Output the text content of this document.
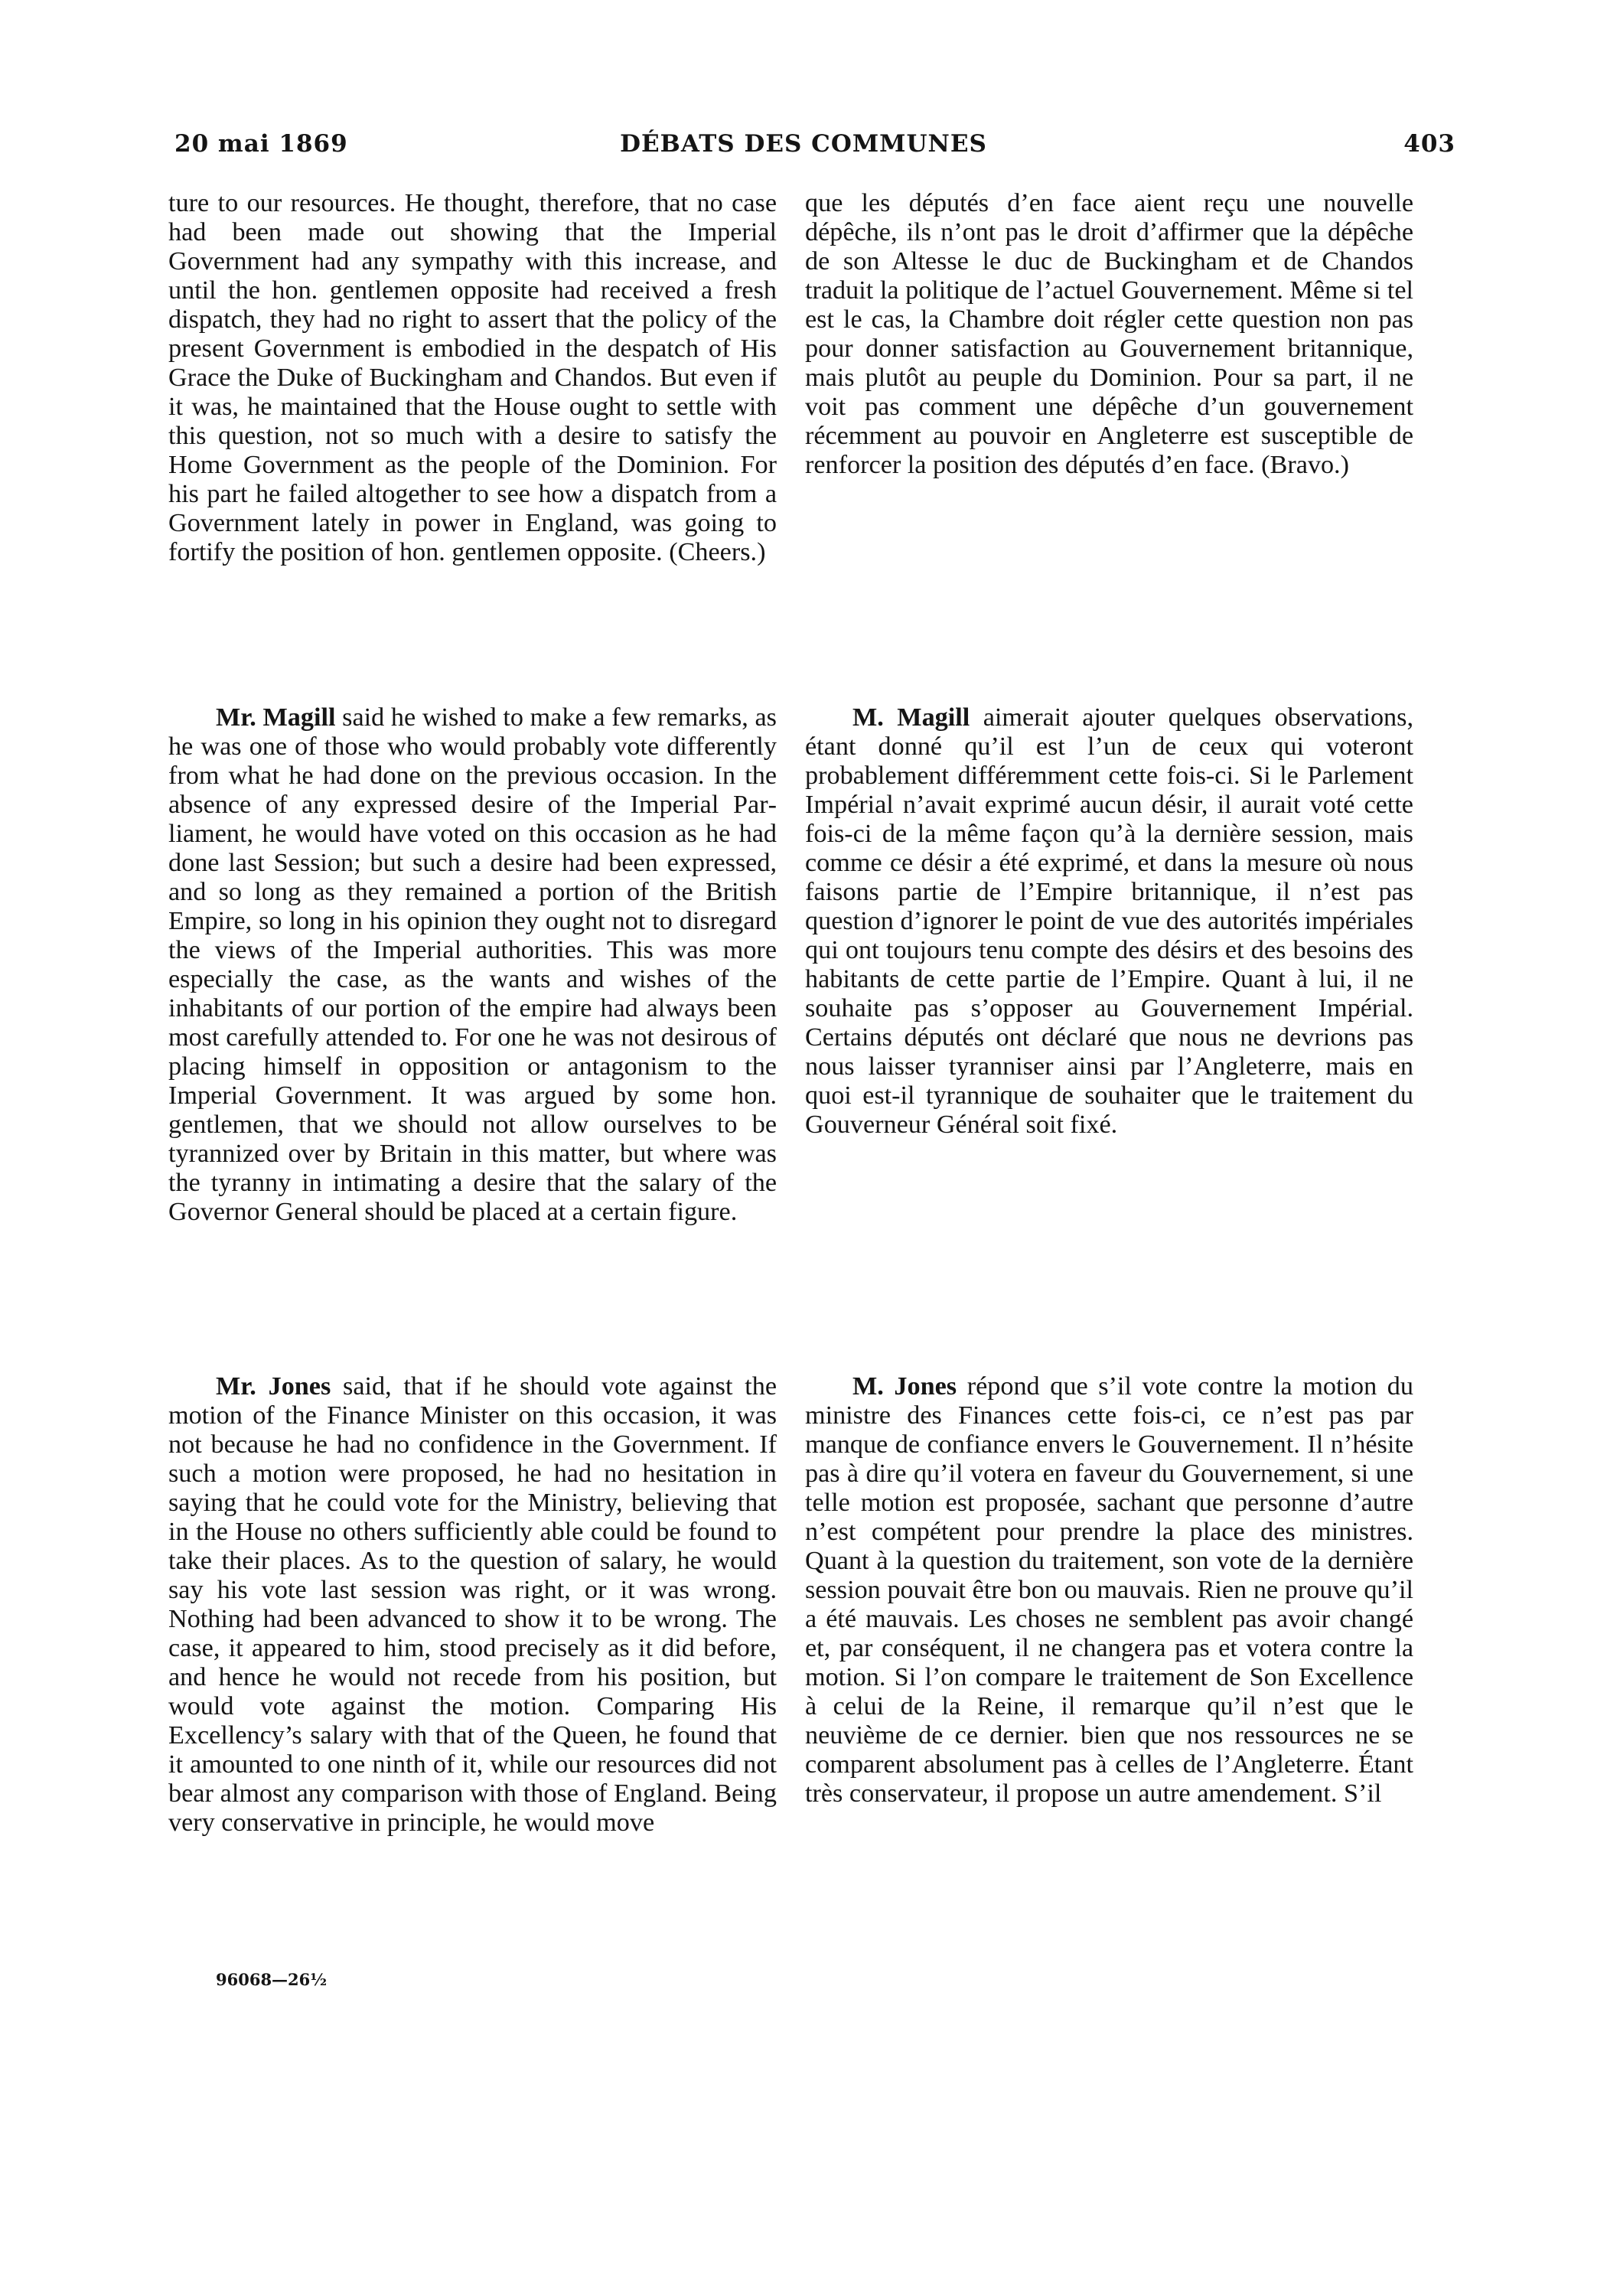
20 mai 1869	DÉBATS DES COMMUNES	403

ture to our resources. He thought, therefore, that no case had been made out showing that the Imperial Government had any sympathy with this increase, and until the hon. gentlemen opposite had received a fresh dispatch, they had no right to assert that the policy of the present Government is embodied in the despatch of His Grace the Duke of Buckingham and Chandos. But even if it was, he maintained that the House ought to settle with this question, not so much with a desire to satisfy the Home Government as the people of the Dominion. For his part he failed altogether to see how a dispatch from a Government lately in power in England, was going to fortify the position of hon. gentlemen opposite. (Cheers.)

Mr. Magill said he wished to make a few remarks, as he was one of those who would probably vote differently from what he had done on the previous occasion. In the absence of any expressed desire of the Imperial Parliament, he would have voted on this occasion as he had done last Session; but such a desire had been expressed, and so long as they remained a portion of the British Empire, so long in his opinion they ought not to disregard the views of the Imperial authorities. This was more especially the case, as the wants and wishes of the inhabitants of our portion of the empire had always been most carefully attended to. For one he was not desirous of placing himself in opposition or antagonism to the Imperial Government. It was argued by some hon. gentlemen, that we should not allow ourselves to be tyrannized over by Britain in this matter, but where was the tyranny in intimating a desire that the salary of the Governor General should be placed at a certain figure.

Mr. Jones said, that if he should vote against the motion of the Finance Minister on this occasion, it was not because he had no confidence in the Government. If such a motion were proposed, he had no hesitation in saying that he could vote for the Ministry, believing that in the House no others sufficiently able could be found to take their places. As to the question of salary, he would say his vote last session was right, or it was wrong. Nothing had been advanced to show it to be wrong. The case, it appeared to him, stood precisely as it did before, and hence he would not recede from his position, but would vote against the motion. Comparing His Excellency’s salary with that of the Queen, he found that it amounted to one ninth of it, while our resources did not bear almost any comparison with those of England. Being very conservative in principle, he would move

que les députés d’en face aient reçu une nouvelle dépêche, ils n’ont pas le droit d’affirmer que la dépêche de son Altesse le duc de Buckingham et de Chandos traduit la politique de l’actuel Gouvernement. Même si tel est le cas, la Chambre doit régler cette question non pas pour donner satisfaction au Gouvernement britannique, mais plutôt au peuple du Dominion. Pour sa part, il ne voit pas comment une dépêche d’un gouvernement récemment au pouvoir en Angleterre est susceptible de renforcer la position des députés d’en face. (Bravo.)

M. Magill aimerait ajouter quelques observations, étant donné qu’il est l’un de ceux qui voteront probablement différemment cette fois-ci. Si le Parlement Impérial n’avait exprimé aucun désir, il aurait voté cette fois-ci de la même façon qu’à la dernière session, mais comme ce désir a été exprimé, et dans la mesure où nous faisons partie de l’Empire britannique, il n’est pas question d’ignorer le point de vue des autorités impériales qui ont toujours tenu compte des désirs et des besoins des habitants de cette partie de l’Empire. Quant à lui, il ne souhaite pas s’opposer au Gouvernement Impérial. Certains députés ont déclaré que nous ne devrions pas nous laisser tyranniser ainsi par l’Angleterre, mais en quoi est-il tyrannique de souhaiter que le traitement du Gouverneur Général soit fixé.

M. Jones répond que s’il vote contre la motion du ministre des Finances cette fois-ci, ce n’est pas par manque de confiance envers le Gouvernement. Il n’hésite pas à dire qu’il votera en faveur du Gouvernement, si une telle motion est proposée, sachant que personne d’autre n’est compétent pour prendre la place des ministres. Quant à la question du traitement, son vote de la dernière session pouvait être bon ou mauvais. Rien ne prouve qu’il a été mauvais. Les choses ne semblent pas avoir changé et, par conséquent, il ne changera pas et votera contre la motion. Si l’on compare le traitement de Son Excellence à celui de la Reine, il remarque qu’il n’est que le neuvième de ce dernier. bien que nos ressources ne se comparent absolument pas à celles de l’Angleterre. Étant très conservateur, il propose un autre amendement. S’il

96068—26½
